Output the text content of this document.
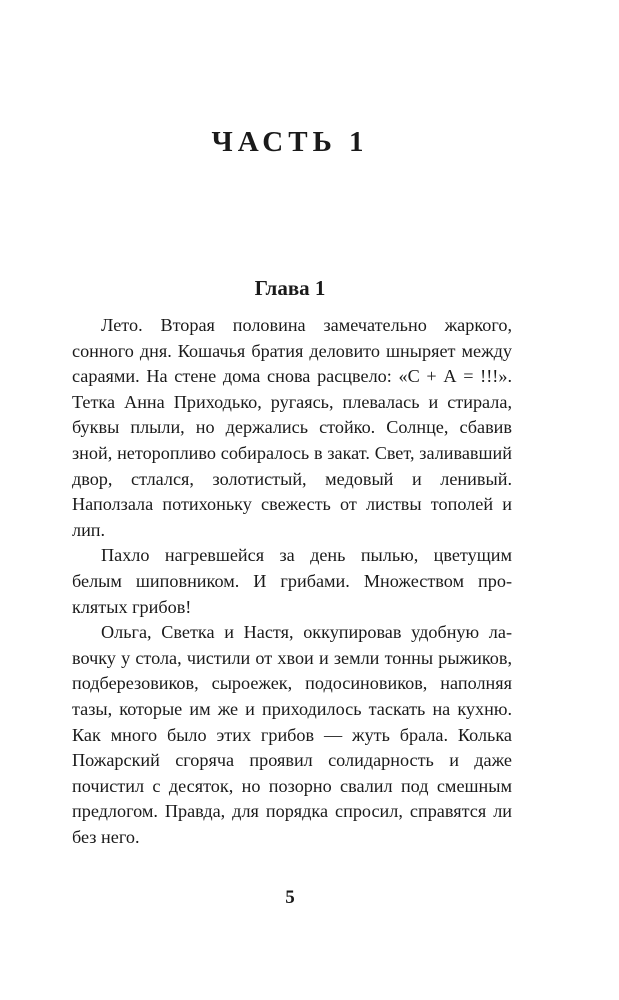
ЧАСТЬ 1
Глава 1

Лето. Вторая половина замечательно жаркого, сонного дня. Кошачья братия деловито шныряет между сараями. На стене дома снова расцвело: «С + А = !!!». Тетка Анна Приходько, ругаясь, плевалась и стирала, буквы плыли, но держались стойко. Солнце, сбавив зной, неторопливо собиралось в закат. Свет, заливавший двор, стлался, золотистый, медовый и ленивый. Наползала потихоньку свежесть от листвы тополей и лип.

Пахло нагревшейся за день пылью, цветущим белым шиповником. И грибами. Множеством проклятых грибов!

Ольга, Светка и Настя, оккупировав удобную лавочку у стола, чистили от хвои и земли тонны рыжиков, подберезовиков, сыроежек, подосиновиков, наполняя тазы, которые им же и приходилось таскать на кухню. Как много было этих грибов — жуть брала. Колька Пожарский сгоряча проявил солидарность и даже почистил с десяток, но позорно свалил под смешным предлогом. Правда, для порядка спросил, справятся ли без него.

5
